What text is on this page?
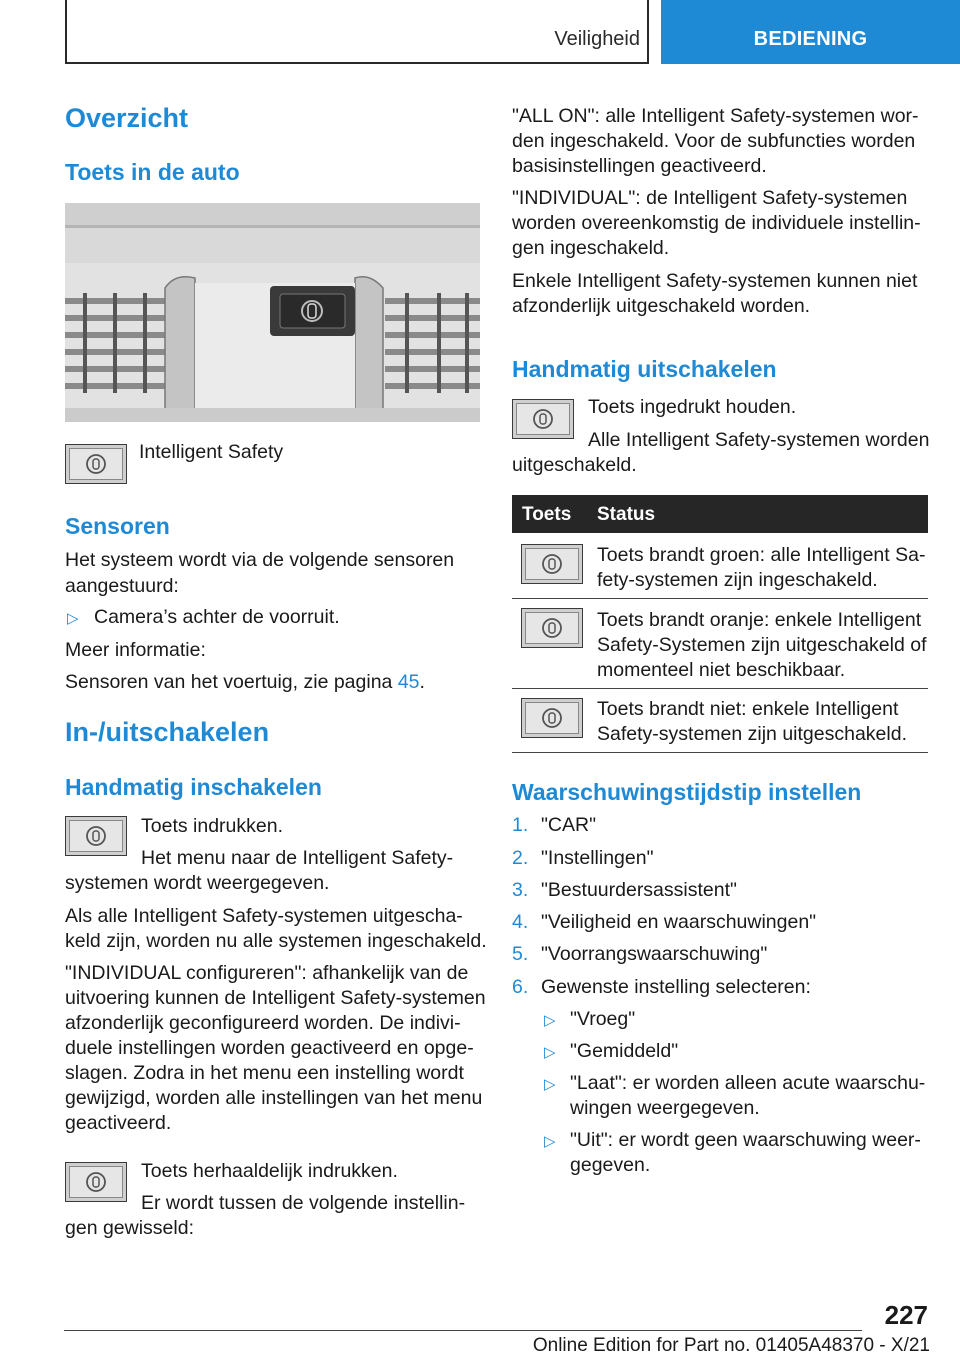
Veiligheid	BEDIENING
Overzicht
Toets in de auto
Intelligent Safety
Sensoren
Het systeem wordt via de volgende sensoren
aangestuurd:
▷ Camera’s achter de voorruit.
Meer informatie:
Sensoren van het voertuig, zie pagina 45.
In-/uitschakelen
Handmatig inschakelen
Toets indrukken.
Het menu naar de Intelligent Safety-
systemen wordt weergegeven.
Als alle Intelligent Safety-systemen uitgescha-
keld zijn, worden nu alle systemen ingeschakeld.
"INDIVIDUAL configureren": afhankelijk van de
uitvoering kunnen de Intelligent Safety-systemen
afzonderlijk geconfigureerd worden. De indivi-
duele instellingen worden geactiveerd en opge-
slagen. Zodra in het menu een instelling wordt
gewijzigd, worden alle instellingen van het menu
geactiveerd.
Toets herhaaldelijk indrukken.
Er wordt tussen de volgende instellin-
gen gewisseld:
"ALL ON": alle Intelligent Safety-systemen wor-
den ingeschakeld. Voor de subfuncties worden
basisinstellingen geactiveerd.
"INDIVIDUAL": de Intelligent Safety-systemen
worden overeenkomstig de individuele instellin-
gen ingeschakeld.
Enkele Intelligent Safety-systemen kunnen niet
afzonderlijk uitgeschakeld worden.
Handmatig uitschakelen
Toets ingedrukt houden.
Alle Intelligent Safety-systemen worden
uitgeschakeld.
Toets Status
Toets brandt groen: alle Intelligent Sa-
fety-systemen zijn ingeschakeld.
Toets brandt oranje: enkele Intelligent
Safety-Systemen zijn uitgeschakeld of
momenteel niet beschikbaar.
Toets brandt niet: enkele Intelligent
Safety-systemen zijn uitgeschakeld.
Waarschuwingstijdstip instellen
1. "CAR"
2. "Instellingen"
3. "Bestuurdersassistent"
4. "Veiligheid en waarschuwingen"
5. "Voorrangswaarschuwing"
6. Gewenste instelling selecteren:
▷ "Vroeg"
▷ "Gemiddeld"
▷ "Laat": er worden alleen acute waarschu-
wingen weergegeven.
▷ "Uit": er wordt geen waarschuwing weer-
gegeven.
227
Online Edition for Part no. 01405A48370 - X/21
